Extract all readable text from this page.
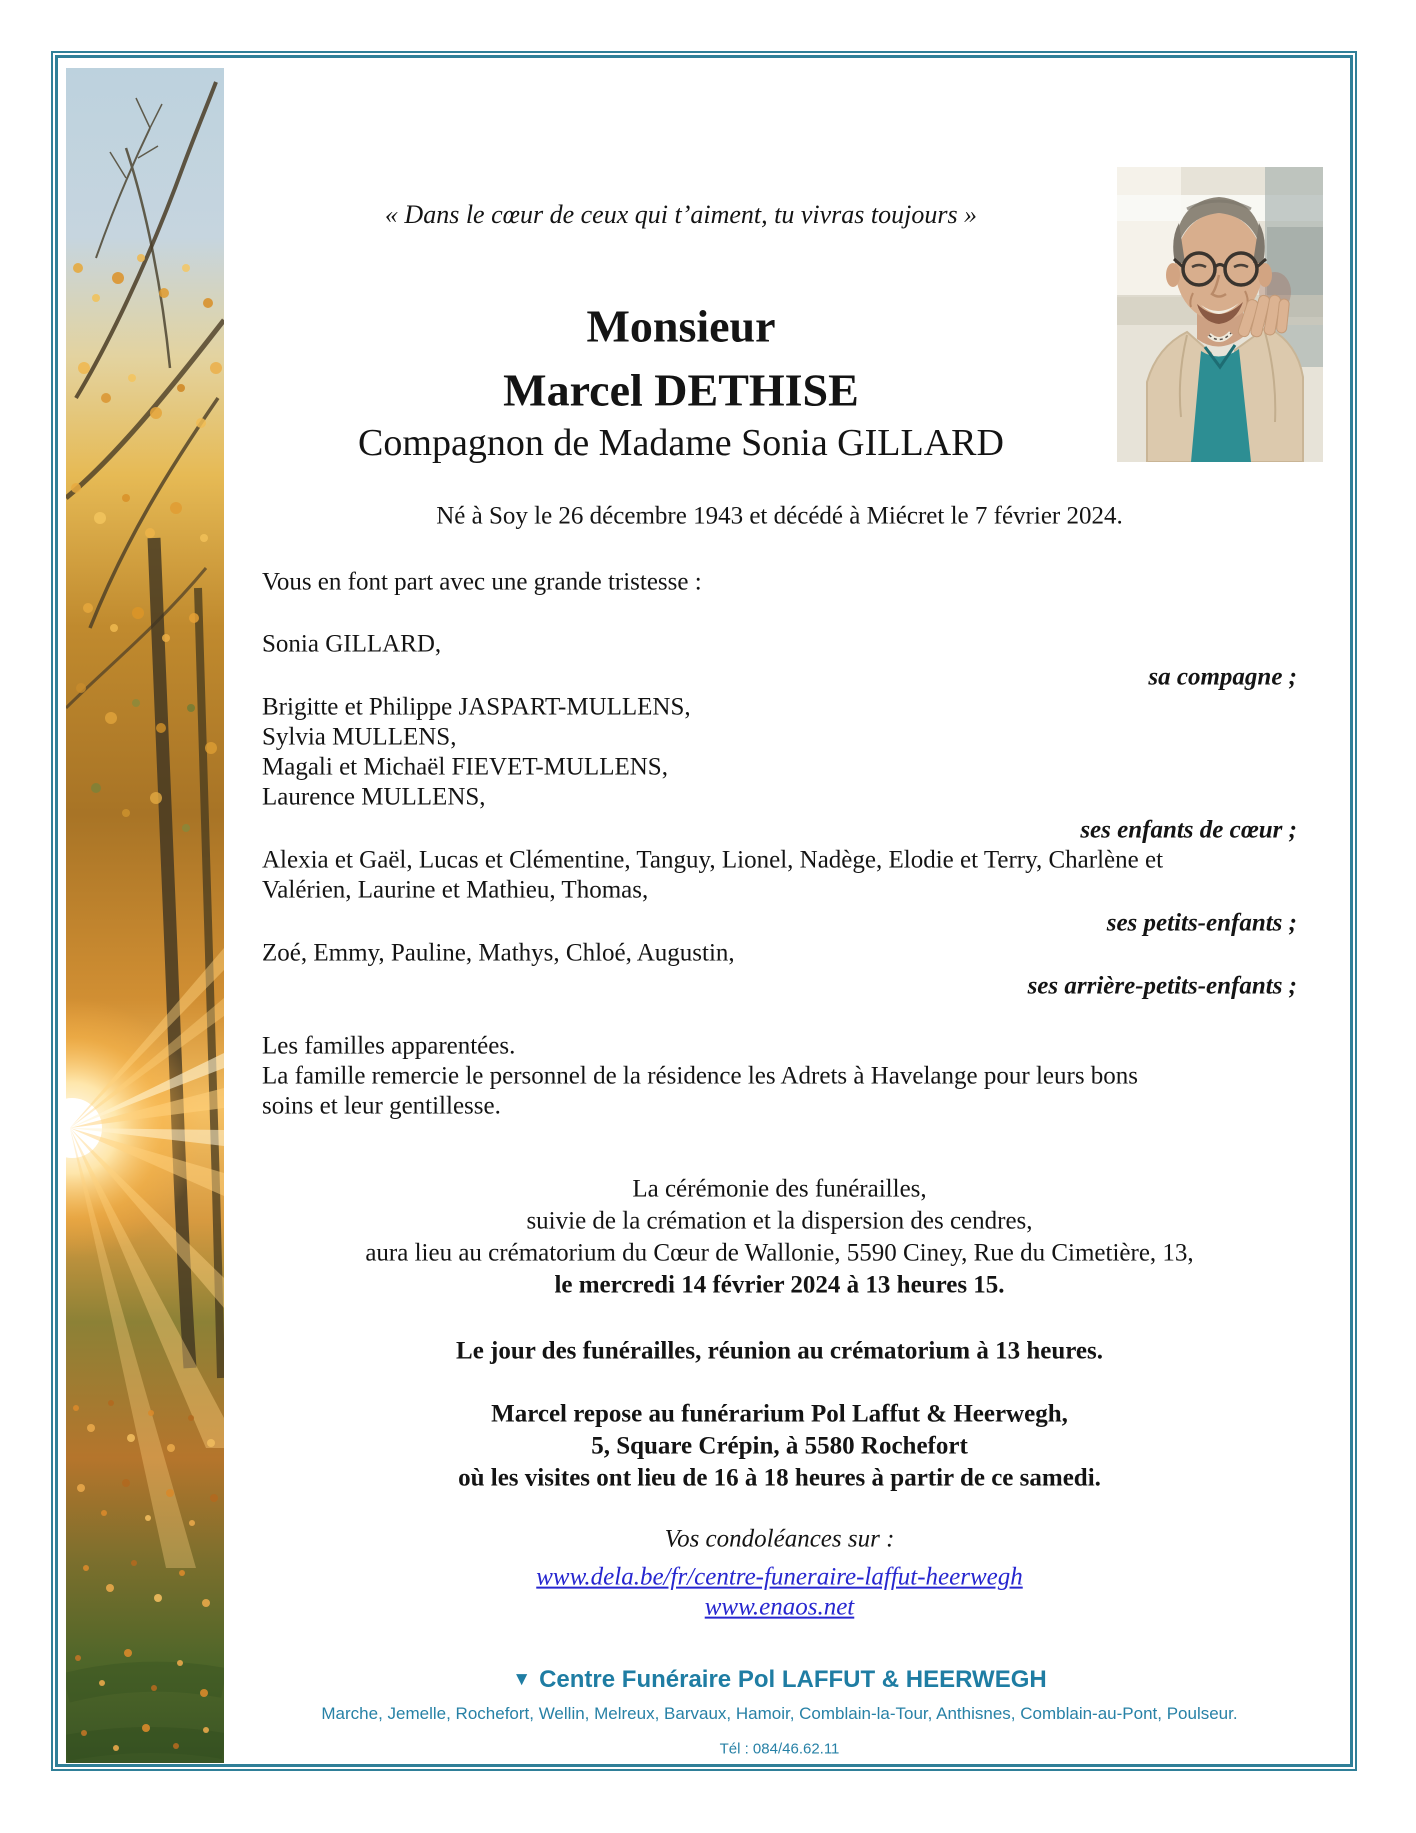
« Dans le cœur de ceux qui t’aiment, tu vivras toujours »
Monsieur
Marcel DETHISE
Compagnon de Madame Sonia GILLARD
Né à Soy le 26 décembre 1943 et décédé à Miécret le 7 février 2024.
Vous en font part avec une grande tristesse :
Sonia GILLARD,
sa compagne ;
Brigitte et Philippe JASPART-MULLENS,
Sylvia MULLENS,
Magali et Michaël FIEVET-MULLENS,
Laurence MULLENS,
ses enfants de cœur ;
Alexia et Gaël, Lucas et Clémentine, Tanguy, Lionel, Nadège, Elodie et Terry, Charlène et
Valérien, Laurine et Mathieu, Thomas,
ses petits-enfants ;
Zoé, Emmy, Pauline, Mathys, Chloé, Augustin,
ses arrière-petits-enfants ;
Les familles apparentées.
La famille remercie le personnel de la résidence les Adrets à Havelange pour leurs bons
soins et leur gentillesse.
La cérémonie des funérailles,
suivie de la crémation et la dispersion des cendres,
aura lieu au crématorium du Cœur de Wallonie, 5590 Ciney, Rue du Cimetière, 13,
le mercredi 14 février 2024 à 13 heures 15.
Le jour des funérailles, réunion au crématorium à 13 heures.
Marcel repose au funérarium Pol Laffut & Heerwegh,
5, Square Crépin, à 5580 Rochefort
où les visites ont lieu de 16 à 18 heures à partir de ce samedi.
Vos condoléances sur :
www.dela.be/fr/centre-funeraire-laffut-heerwegh
www.enaos.net
▼ Centre Funéraire Pol LAFFUT & HEERWEGH
Marche, Jemelle, Rochefort, Wellin, Melreux, Barvaux, Hamoir, Comblain-la-Tour, Anthisnes, Comblain-au-Pont, Poulseur.
Tél : 084/46.62.11
